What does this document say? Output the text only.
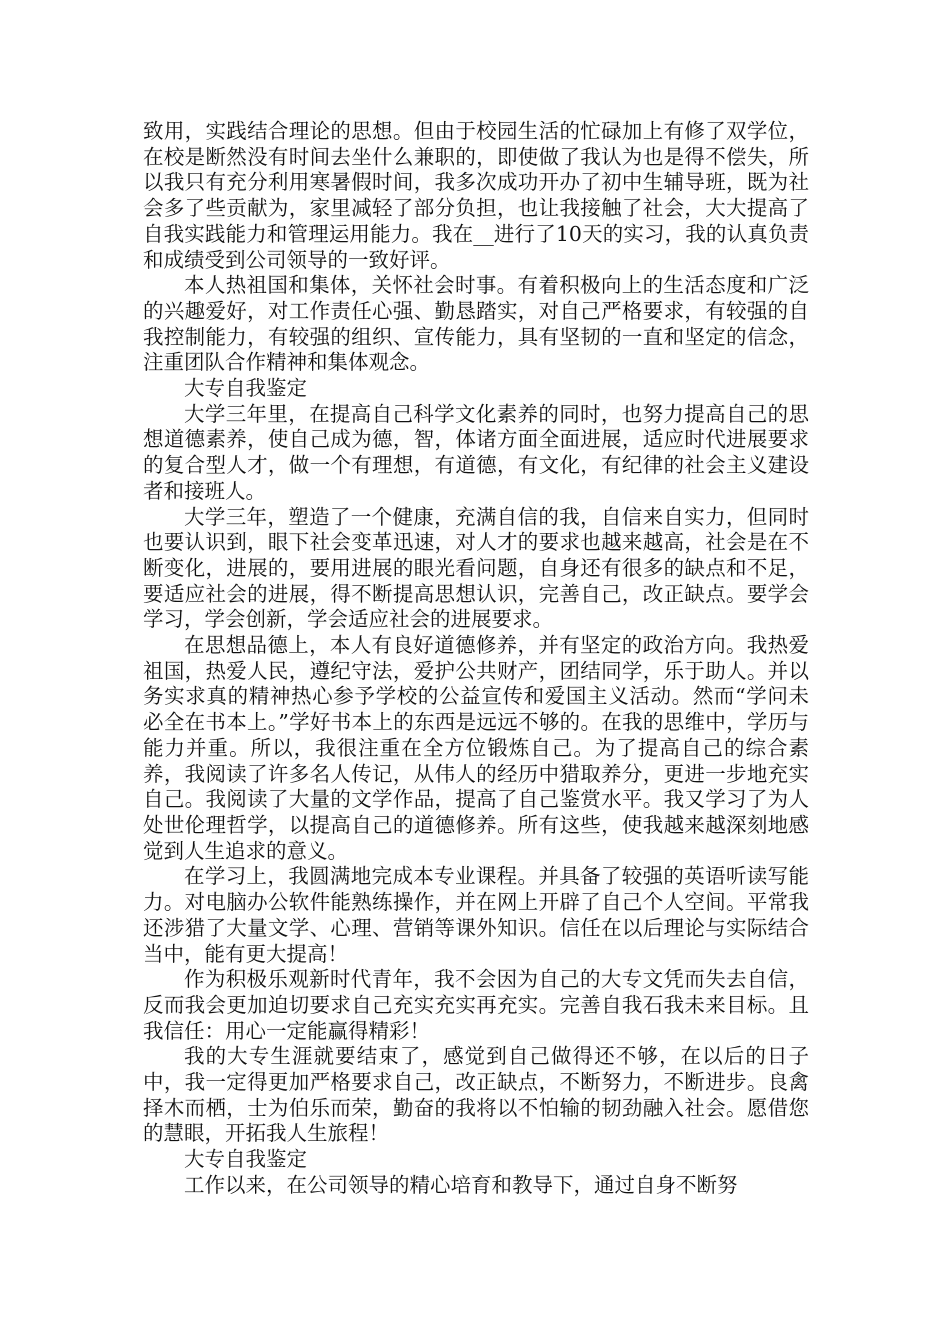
致用，实践结合理论的思想。但由于校园生活的忙碌加上有修了双学位，在校是断然没有时间去坐什么兼职的，即使做了我认为也是得不偿失，所以我只有充分利用寒暑假时间，我多次成功开办了初中生辅导班，既为社会多了些贡献为，家里减轻了部分负担，也让我接触了社会，大大提高了自我实践能力和管理运用能力。我在__进行了10天的实习，我的认真负责和成绩受到公司领导的一致好评。

本人热祖国和集体，关怀社会时事。有着积极向上的生活态度和广泛的兴趣爱好，对工作责任心强、勤恳踏实，对自己严格要求，有较强的自我控制能力，有较强的组织、宣传能力，具有坚韧的一直和坚定的信念，注重团队合作精神和集体观念。

大专自我鉴定

大学三年里，在提高自己科学文化素养的同时，也努力提高自己的思想道德素养，使自己成为德，智，体诸方面全面进展，适应时代进展要求的复合型人才，做一个有理想，有道德，有文化，有纪律的社会主义建设者和接班人。

大学三年，塑造了一个健康，充满自信的我，自信来自实力，但同时也要认识到，眼下社会变革迅速，对人才的要求也越来越高，社会是在不断变化，进展的，要用进展的眼光看问题，自身还有很多的缺点和不足，要适应社会的进展，得不断提高思想认识，完善自己，改正缺点。要学会学习，学会创新，学会适应社会的进展要求。

在思想品德上，本人有良好道德修养，并有坚定的政治方向。我热爱祖国，热爱人民，遵纪守法，爱护公共财产，团结同学，乐于助人。并以务实求真的精神热心参予学校的公益宣传和爱国主义活动。然而“学问未必全在书本上。”学好书本上的东西是远远不够的。在我的思维中，学历与能力并重。所以，我很注重在全方位锻炼自己。为了提高自己的综合素养，我阅读了许多名人传记，从伟人的经历中猎取养分，更进一步地充实自己。我阅读了大量的文学作品，提高了自己鉴赏水平。我又学习了为人处世伦理哲学，以提高自己的道德修养。所有这些，使我越来越深刻地感觉到人生追求的意义。

在学习上，我圆满地完成本专业课程。并具备了较强的英语听读写能力。对电脑办公软件能熟练操作，并在网上开辟了自己个人空间。平常我还涉猎了大量文学、心理、营销等课外知识。信任在以后理论与实际结合当中，能有更大提高！

作为积极乐观新时代青年，我不会因为自己的大专文凭而失去自信，反而我会更加迫切要求自己充实充实再充实。完善自我石我未来目标。且我信任：用心一定能赢得精彩！

我的大专生涯就要结束了，感觉到自己做得还不够，在以后的日子中，我一定得更加严格要求自己，改正缺点，不断努力，不断进步。良禽择木而栖，士为伯乐而荣，勤奋的我将以不怕输的韧劲融入社会。愿借您的慧眼，开拓我人生旅程！

大专自我鉴定

工作以来，在公司领导的精心培育和教导下，通过自身不断努
